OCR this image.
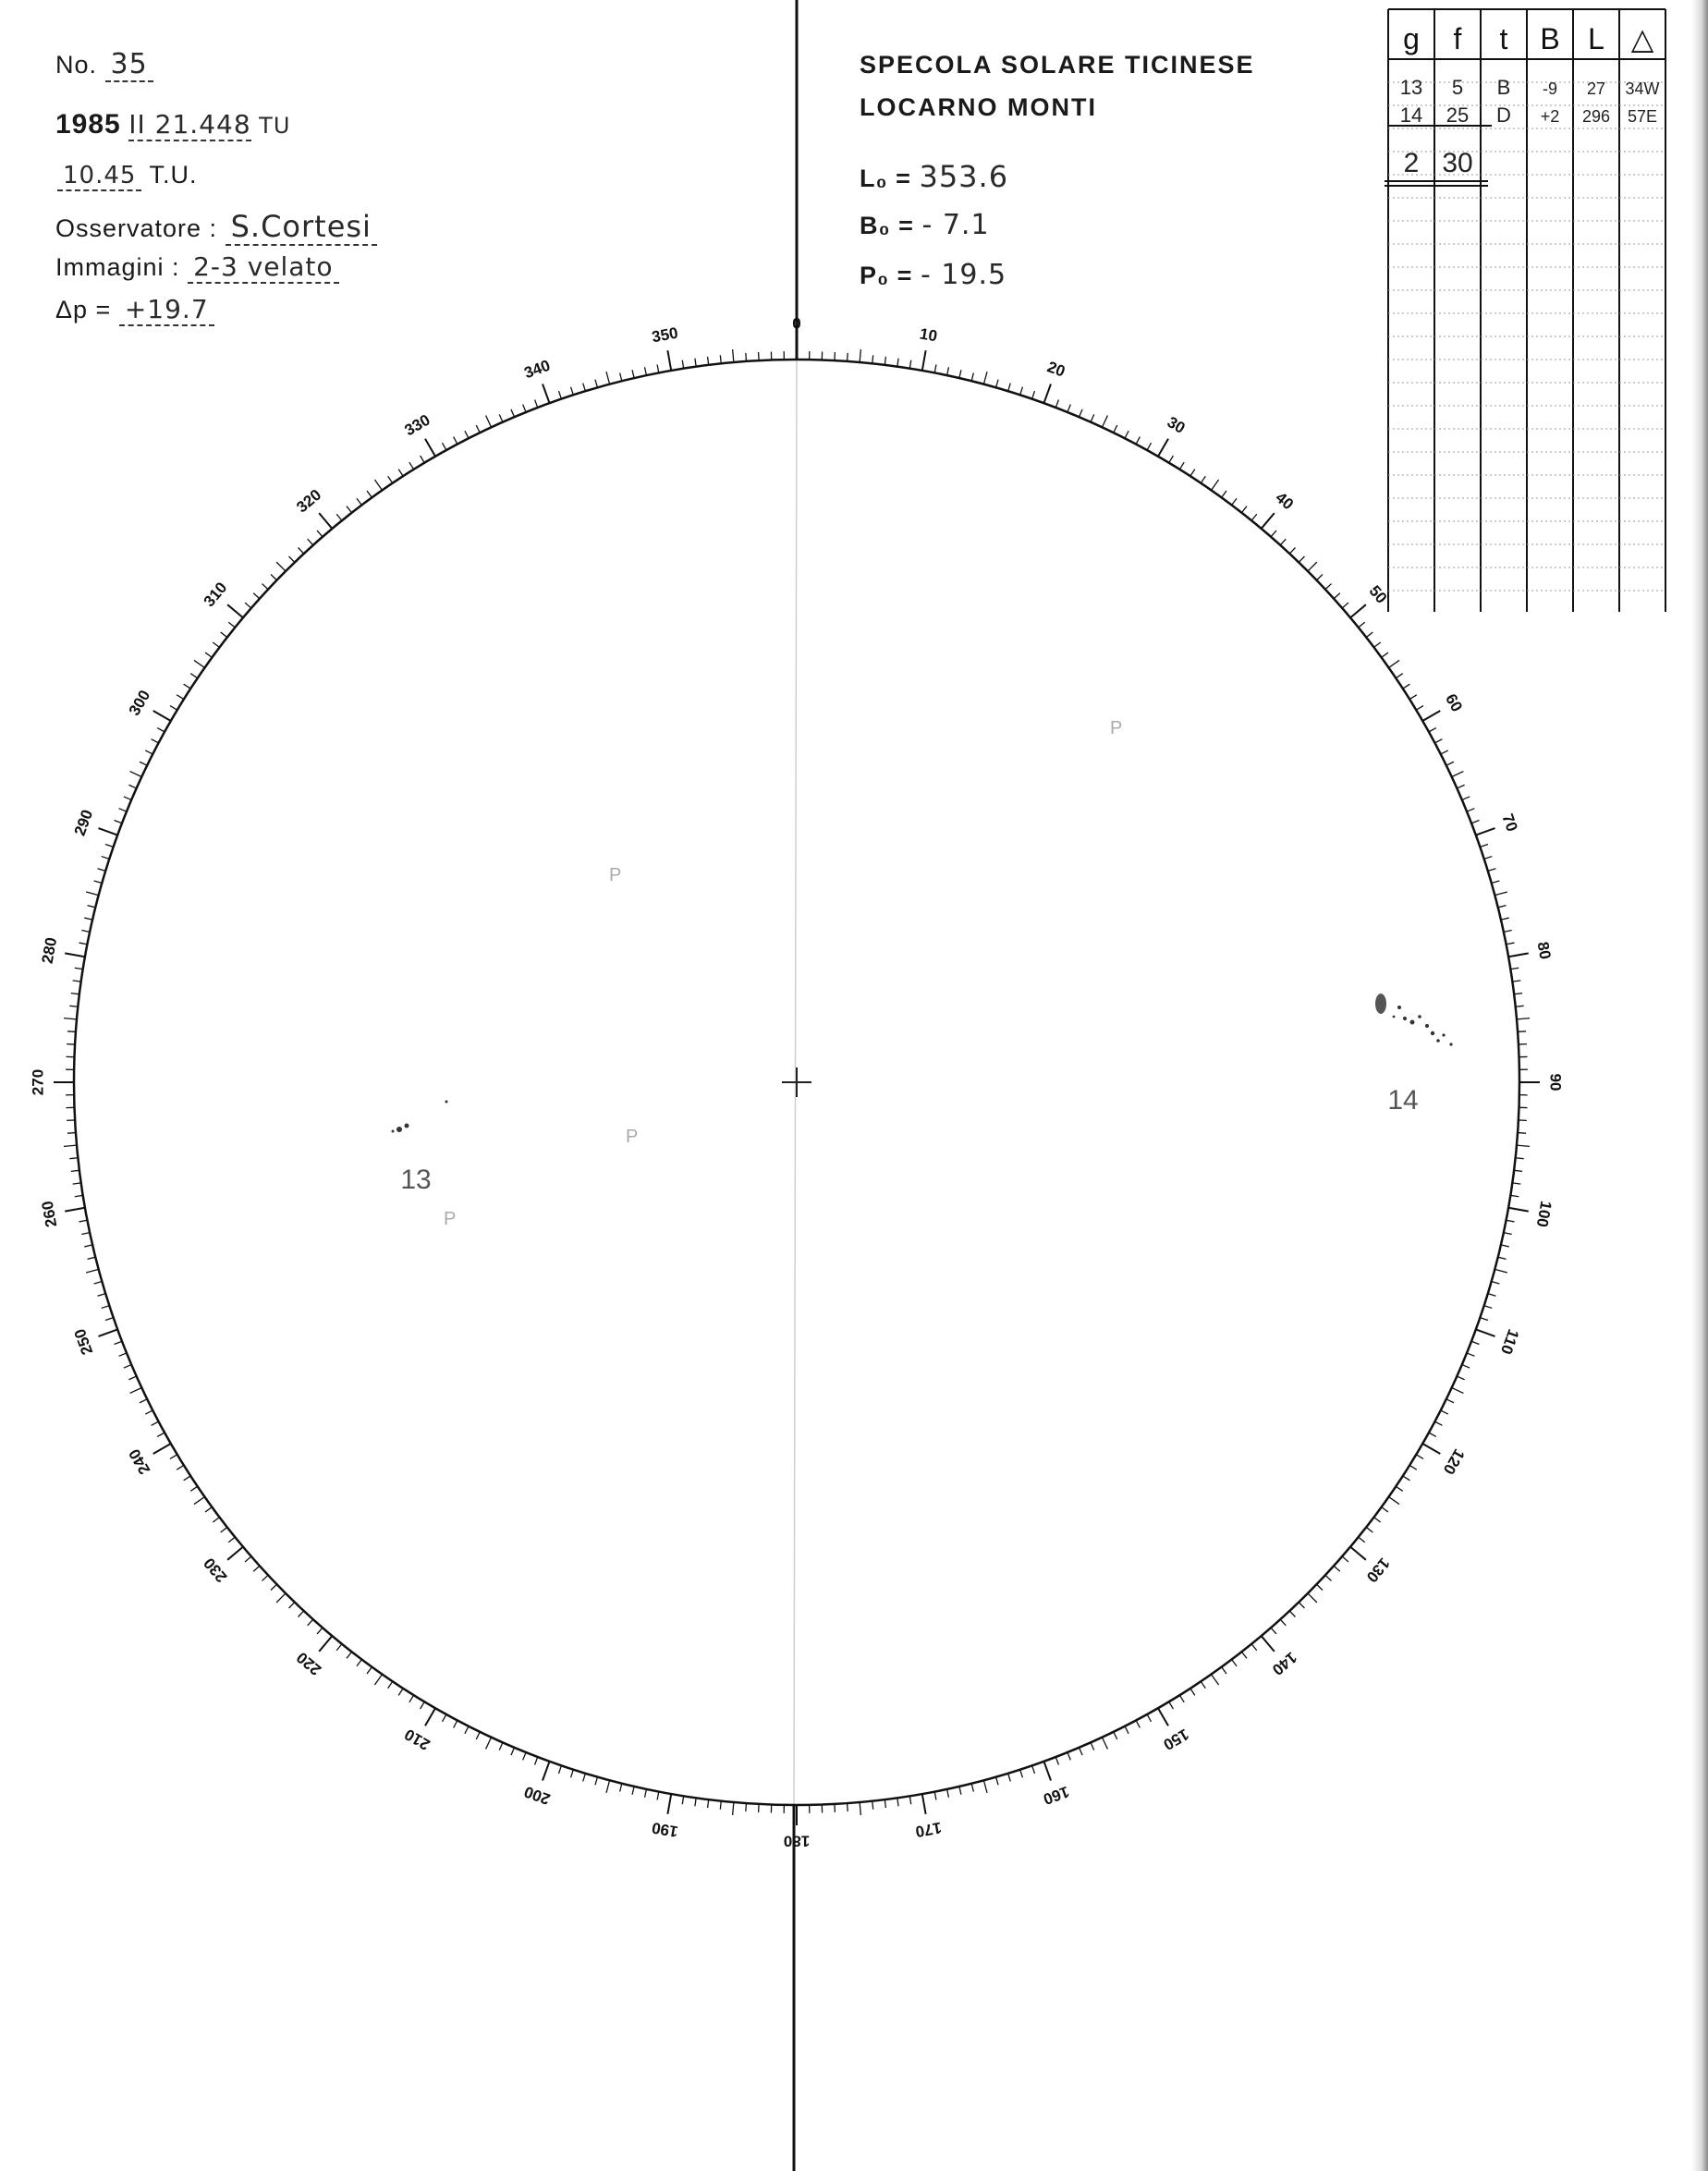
No. 35
1985 II 21.448 TU
10.45 T.U.
Osservatore : S.Cortesi
Immagini : 2-3 velato
Δp = +19.7
SPECOLA SOLARE TICINESE
LOCARNO MONTI
L₀ = 353.6
B₀ = - 7.1
P₀ = - 19.5
g f t B L △
13 5 B -9 27 34W
14 25 D +2 296 57E
2 30
0
10
20
30
40
50
60
70
80
90
100
110
120
130
140
150
160
170
180
190
200
210
220
230
240
250
260
270
280
290
300
310
320
330
340
350
13
14
P
P
P
P
